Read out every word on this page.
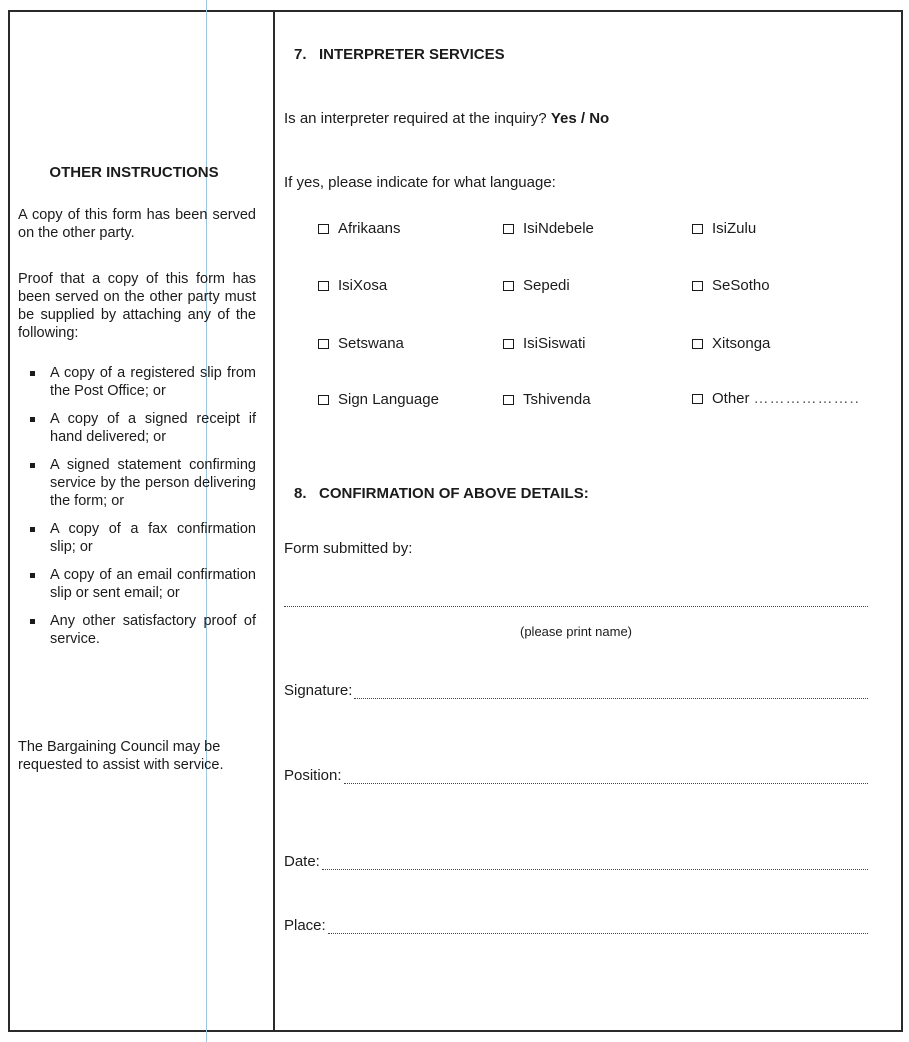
OTHER INSTRUCTIONS
A copy of this form has been served on the other party.
Proof that a copy of this form has been served on the other party must be supplied by attaching any of the following:
A copy of a registered slip from the Post Office; or
A copy of a signed receipt if hand delivered; or
A signed statement confirming service by the person delivering the form; or
A copy of a fax confirmation slip; or
A copy of an email confirmation slip or sent email; or
Any other satisfactory proof of service.
The Bargaining Council may be requested to assist with service.
7.   INTERPRETER SERVICES
Is an interpreter required at the inquiry? Yes / No
If yes, please indicate for what language:
Afrikaans	IsiNdebele	IsiZulu
IsiXosa	Sepedi	SeSotho
Setswana	IsiSiswati	Xitsonga
Sign Language	Tshivenda	Other ………………..
8.   CONFIRMATION OF ABOVE DETAILS:
Form submitted by:
(please print name)
Signature:
Position:
Date:
Place:
